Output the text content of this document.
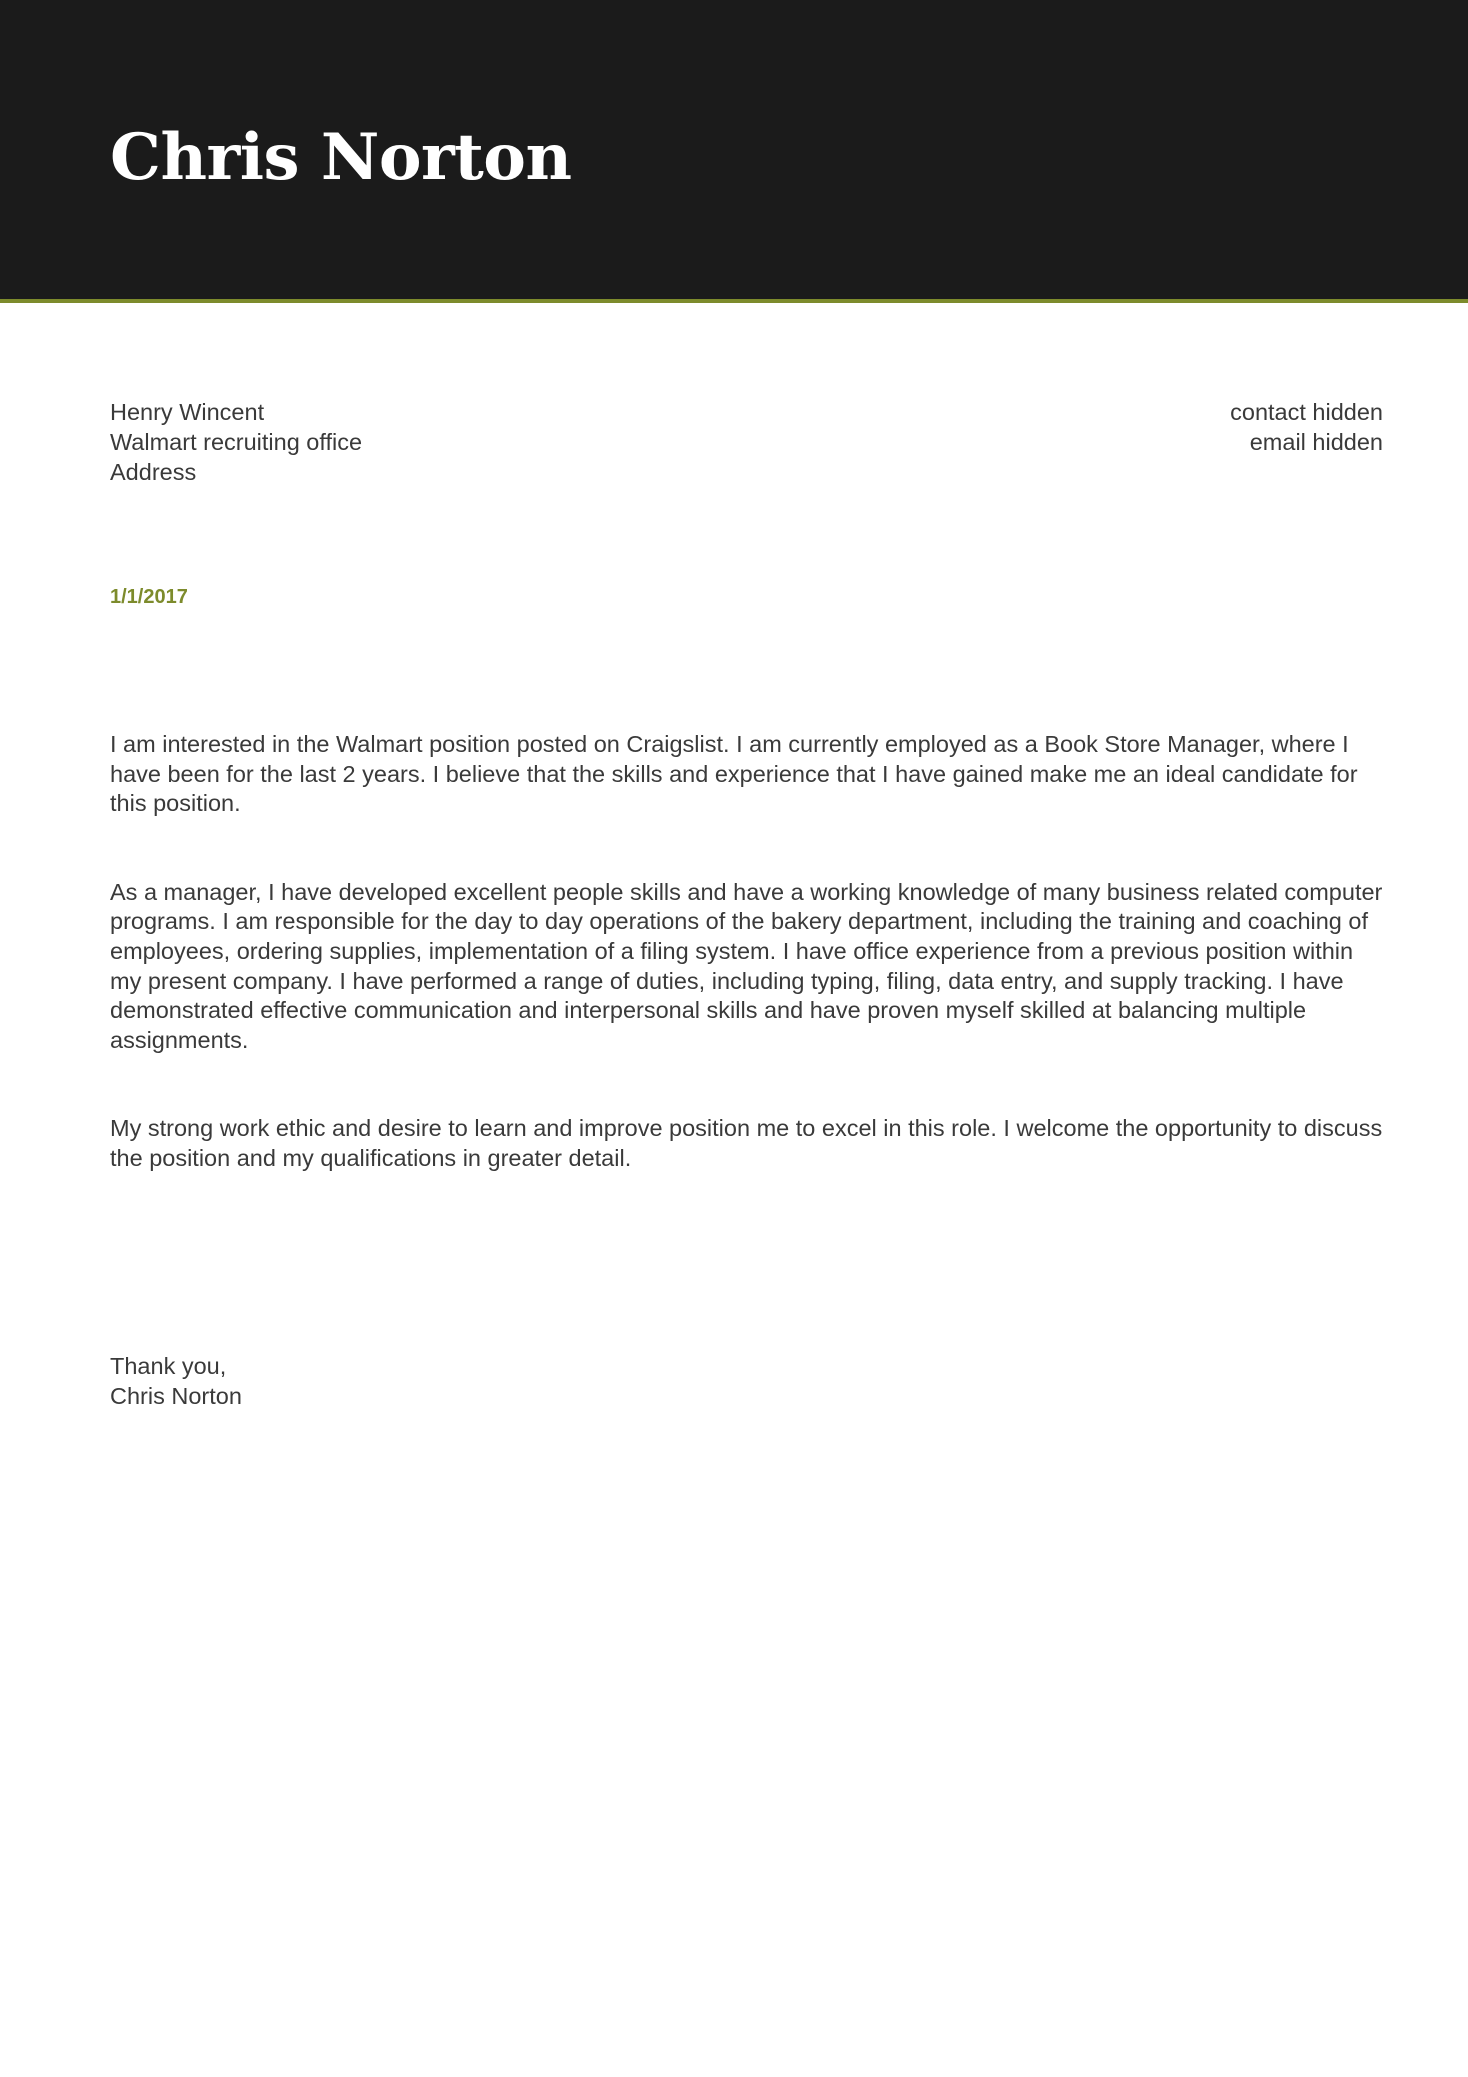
Chris Norton
Henry Wincent
Walmart recruiting office
Address
contact hidden
email hidden
1/1/2017

I am interested in the Walmart position posted on Craigslist. I am currently employed as a Book Store Manager, where I have been for the last 2 years. I believe that the skills and experience that I have gained make me an ideal candidate for this position.

As a manager, I have developed excellent people skills and have a working knowledge of many business related computer programs. I am responsible for the day to day operations of the bakery department, including the training and coaching of employees, ordering supplies, implementation of a filing system. I have office experience from a previous position within my present company. I have performed a range of duties, including typing, filing, data entry, and supply tracking. I have demonstrated effective communication and interpersonal skills and have proven myself skilled at balancing multiple assignments.

My strong work ethic and desire to learn and improve position me to excel in this role. I welcome the opportunity to discuss the position and my qualifications in greater detail.

Thank you,
Chris Norton
